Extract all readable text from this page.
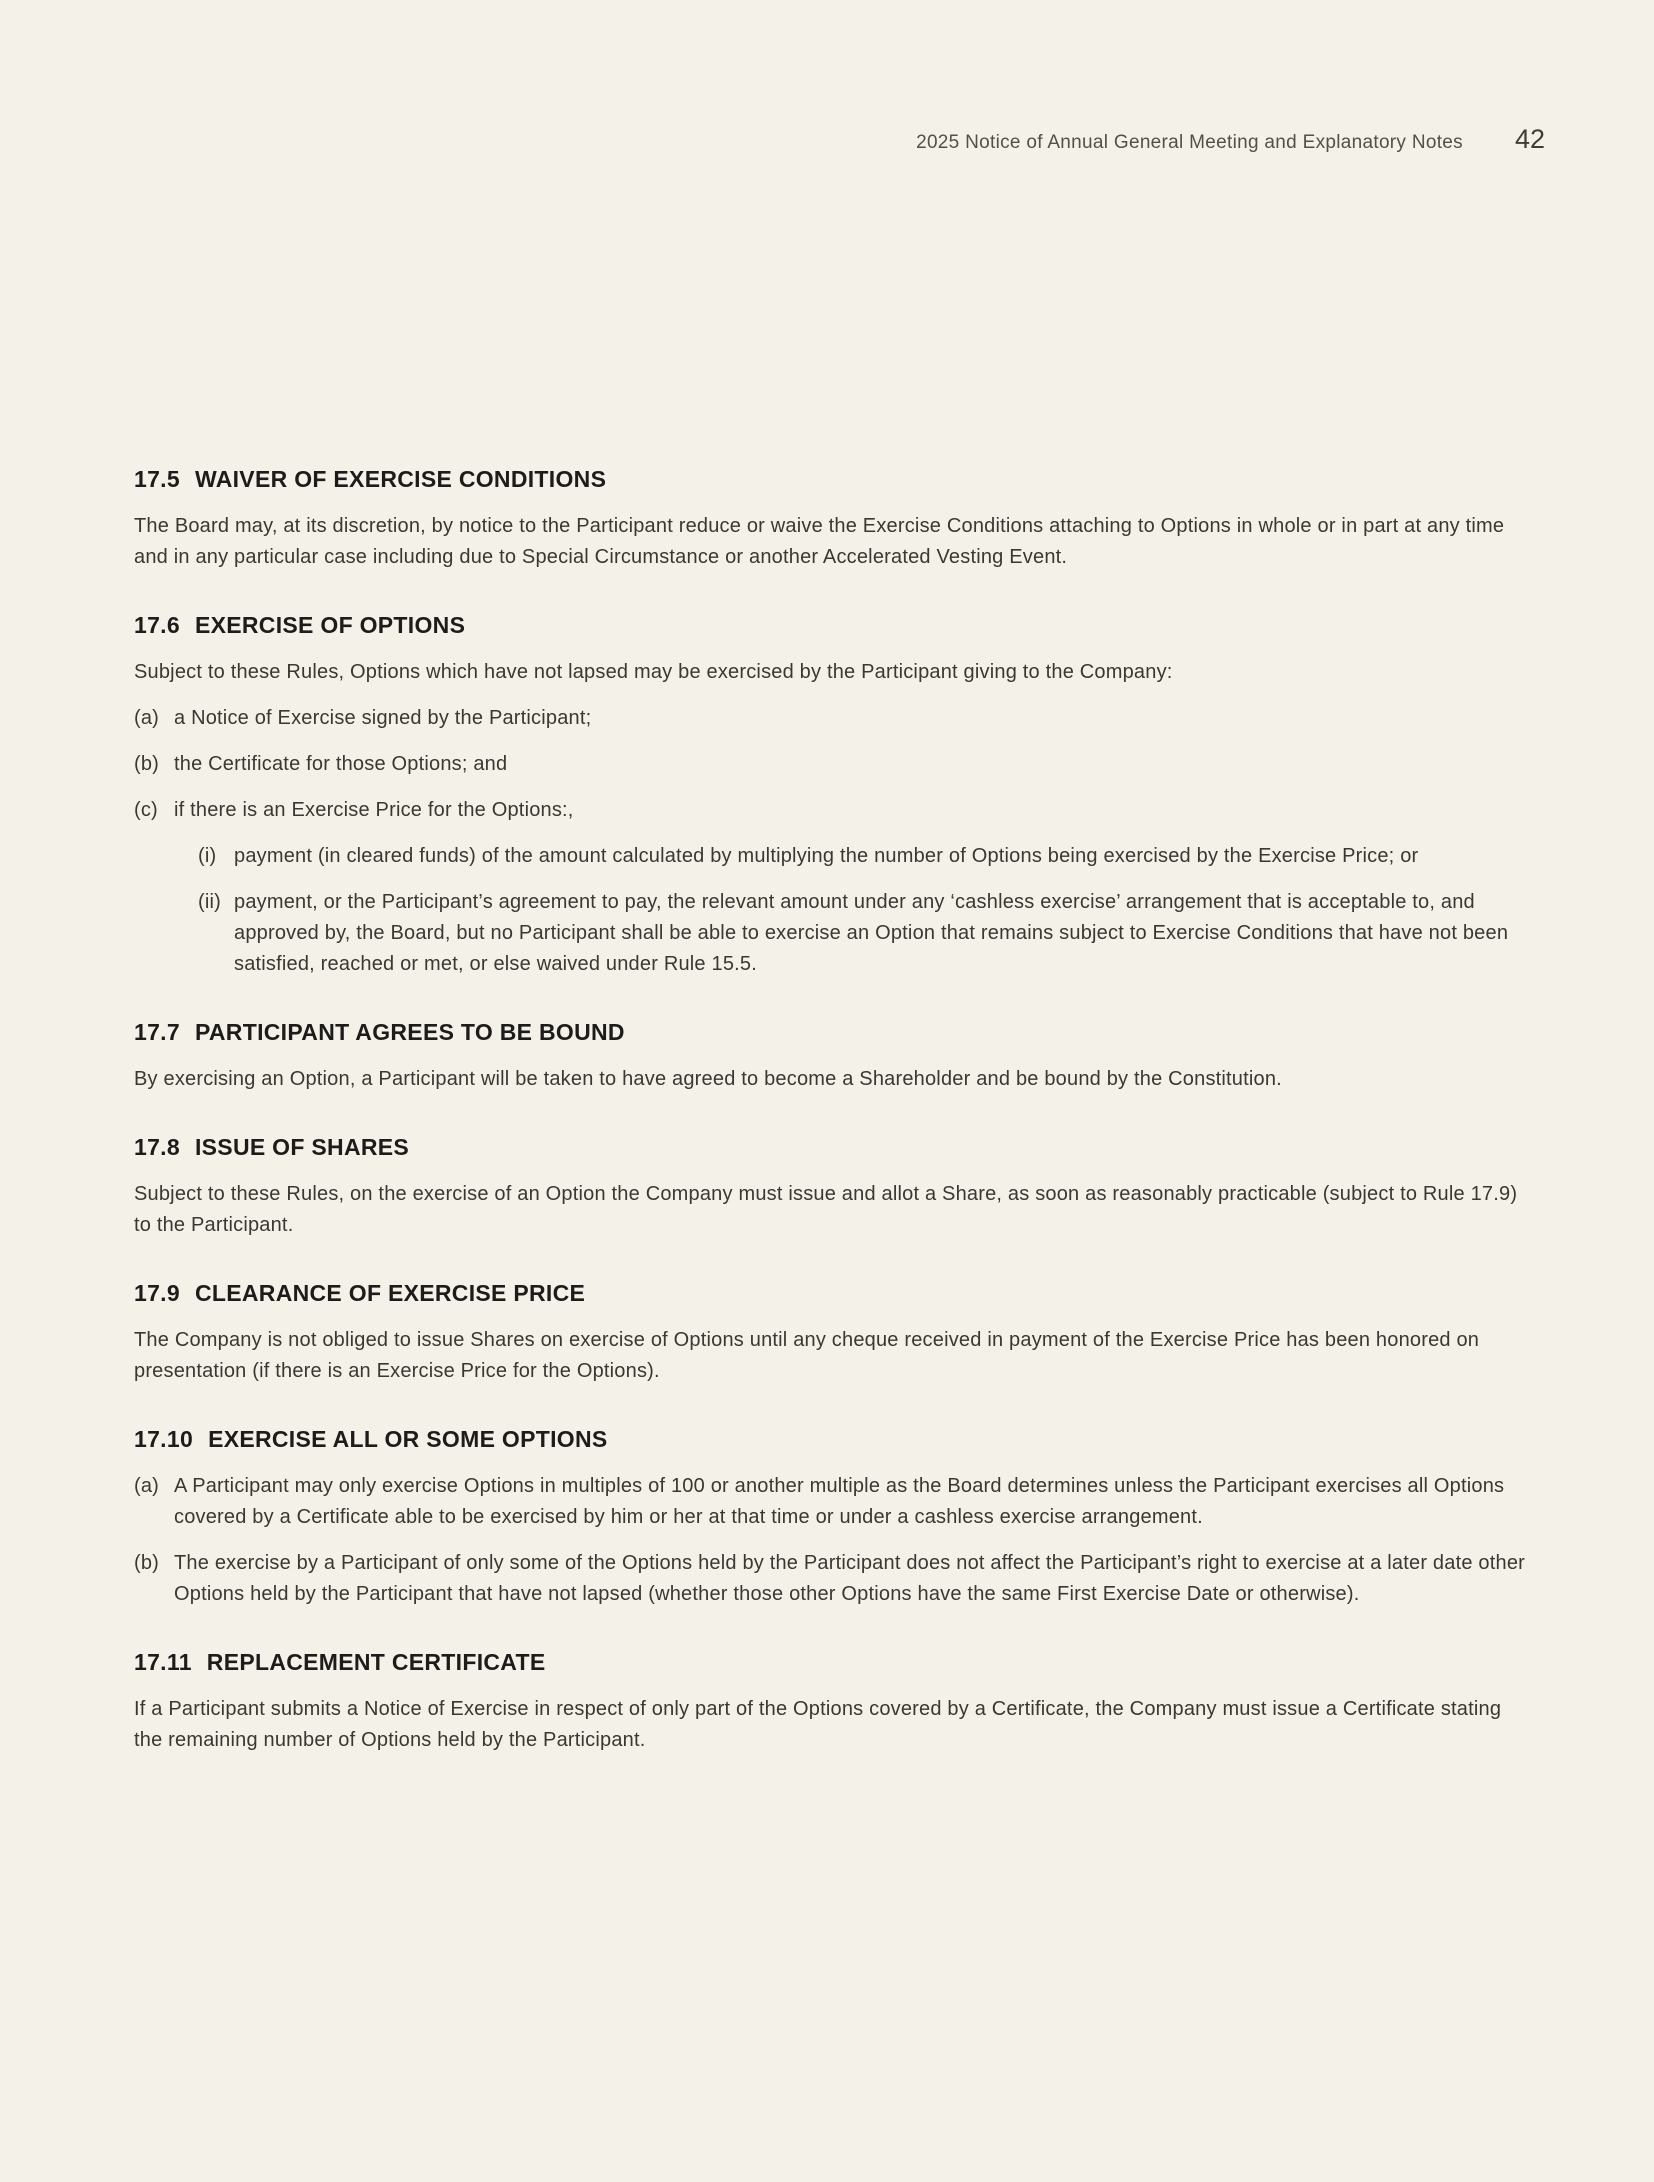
2025 Notice of Annual General Meeting and Explanatory Notes 42
17.5 WAIVER OF EXERCISE CONDITIONS

The Board may, at its discretion, by notice to the Participant reduce or waive the Exercise Conditions attaching to Options in whole or in part at any time and in any particular case including due to Special Circumstance or another Accelerated Vesting Event.

17.6 EXERCISE OF OPTIONS

Subject to these Rules, Options which have not lapsed may be exercised by the Participant giving to the Company:

(a) a Notice of Exercise signed by the Participant;
(b) the Certificate for those Options; and
(c) if there is an Exercise Price for the Options:,
(i) payment (in cleared funds) of the amount calculated by multiplying the number of Options being exercised by the Exercise Price; or
(ii) payment, or the Participant’s agreement to pay, the relevant amount under any ‘cashless exercise’ arrangement that is acceptable to, and approved by, the Board, but no Participant shall be able to exercise an Option that remains subject to Exercise Conditions that have not been satisfied, reached or met, or else waived under Rule 15.5.
17.7 PARTICIPANT AGREES TO BE BOUND

By exercising an Option, a Participant will be taken to have agreed to become a Shareholder and be bound by the Constitution.

17.8 ISSUE OF SHARES

Subject to these Rules, on the exercise of an Option the Company must issue and allot a Share, as soon as reasonably practicable (subject to Rule 17.9) to the Participant.

17.9 CLEARANCE OF EXERCISE PRICE

The Company is not obliged to issue Shares on exercise of Options until any cheque received in payment of the Exercise Price has been honored on presentation (if there is an Exercise Price for the Options).

17.10 EXERCISE ALL OR SOME OPTIONS
(a) A Participant may only exercise Options in multiples of 100 or another multiple as the Board determines unless the Participant exercises all Options covered by a Certificate able to be exercised by him or her at that time or under a cashless exercise arrangement.
(b) The exercise by a Participant of only some of the Options held by the Participant does not affect the Participant’s right to exercise at a later date other Options held by the Participant that have not lapsed (whether those other Options have the same First Exercise Date or otherwise).
17.11 REPLACEMENT CERTIFICATE

If a Participant submits a Notice of Exercise in respect of only part of the Options covered by a Certificate, the Company must issue a Certificate stating the remaining number of Options held by the Participant.
